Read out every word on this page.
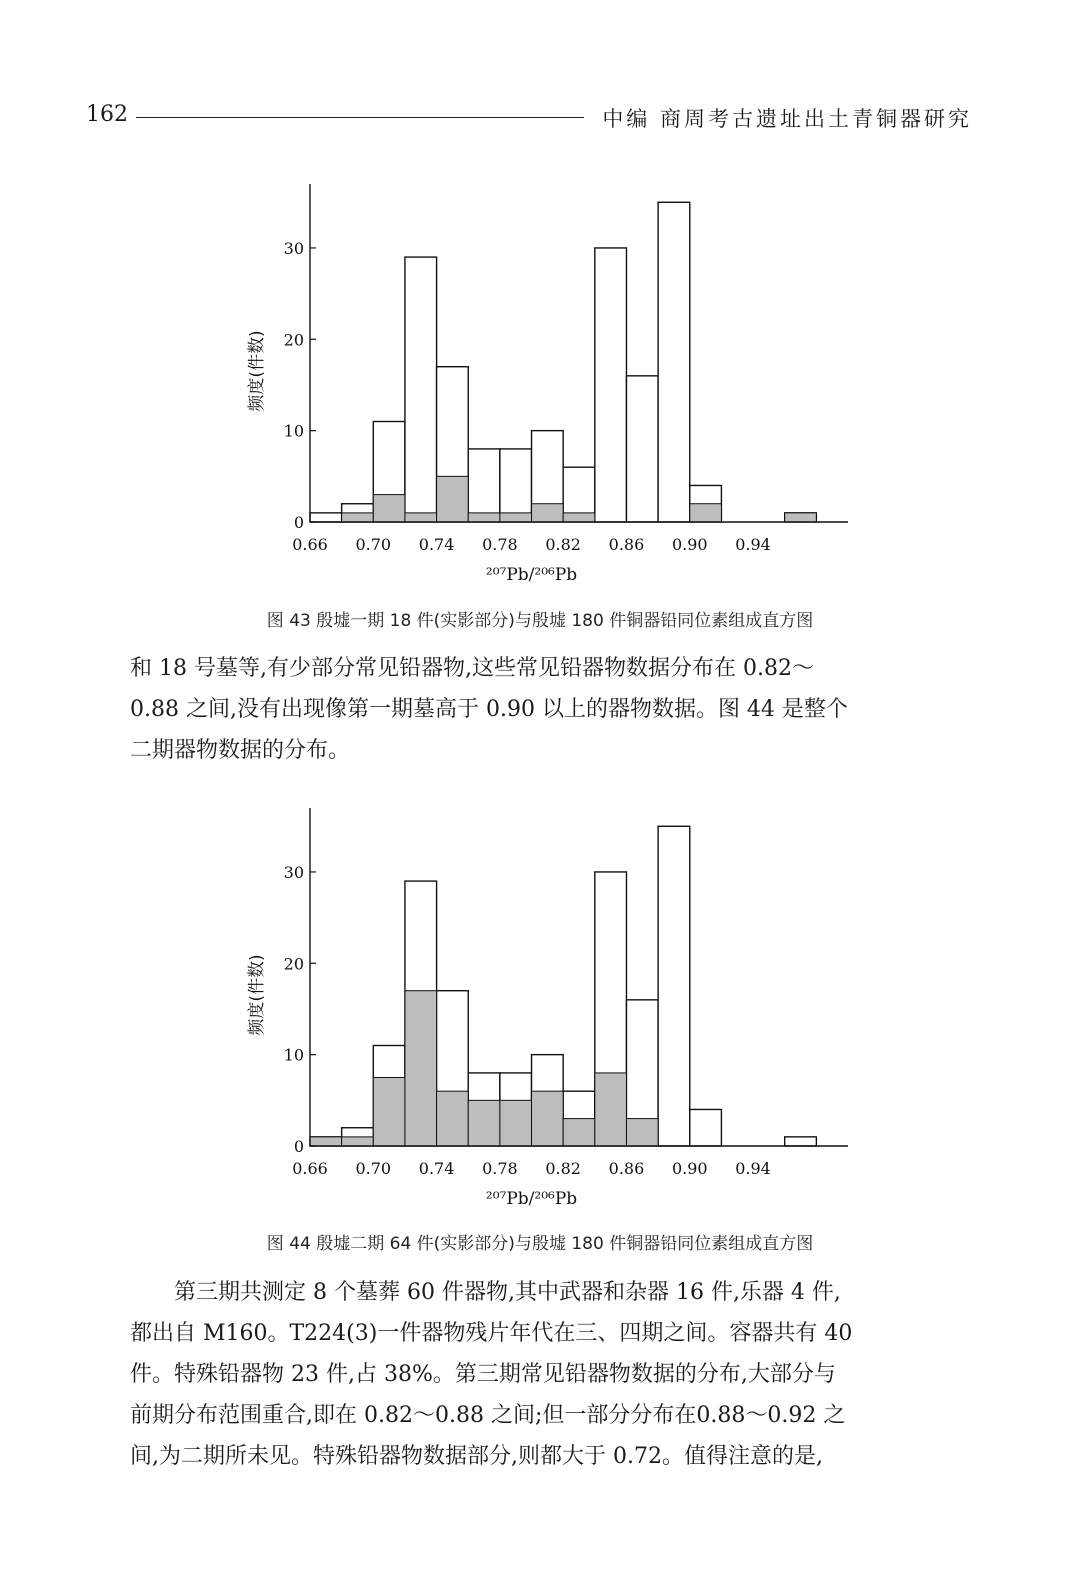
162	中编 商周考古遗址出土青铜器研究
0
10
20
30
0.66 0.70 0.74 0.78 0.82 0.86 0.90 0.94
²⁰⁷Pb/²⁰⁶Pb
频度(件数)
图 43 殷墟一期 18 件(实影部分)与殷墟 180 件铜器铅同位素组成直方图
和 18 号墓等,有少部分常见铅器物,这些常见铅器物数据分布在 0.82～
0.88 之间,没有出现像第一期墓高于 0.90 以上的器物数据。图 44 是整个
二期器物数据的分布。
0
10
20
30
0.66 0.70 0.74 0.78 0.82 0.86 0.90 0.94
²⁰⁷Pb/²⁰⁶Pb
频度(件数)
图 44 殷墟二期 64 件(实影部分)与殷墟 180 件铜器铅同位素组成直方图
　　第三期共测定 8 个墓葬 60 件器物,其中武器和杂器 16 件,乐器 4 件,
都出自 M160。T224(3)一件器物残片年代在三、四期之间。容器共有 40
件。特殊铅器物 23 件,占 38%。第三期常见铅器物数据的分布,大部分与
前期分布范围重合,即在 0.82～0.88 之间;但一部分分布在0.88～0.92 之
间,为二期所未见。特殊铅器物数据部分,则都大于 0.72。值得注意的是,
